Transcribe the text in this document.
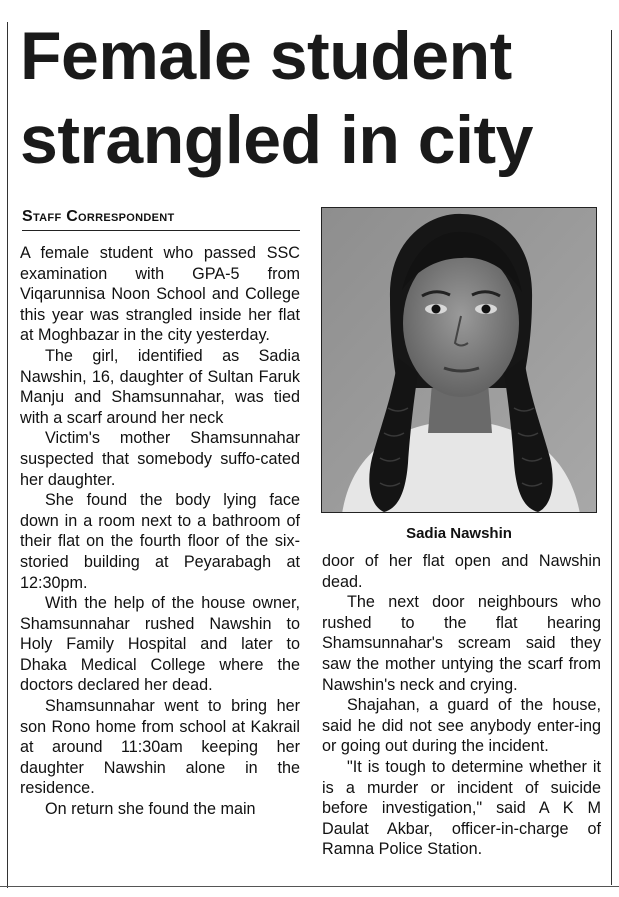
Female student
strangled in city
Staff Correspondent

A female student who passed SSC examination with GPA-5 from Viqarunnisa Noon School and College this year was strangled inside her flat at Moghbazar in the city yesterday.

The girl, identified as Sadia Nawshin, 16, daughter of Sultan Faruk Manju and Shamsunnahar, was tied with a scarf around her neck

Victim's mother Shamsunnahar suspected that somebody suffo-cated her daughter.

She found the body lying face down in a room next to a bathroom of their flat on the fourth floor of the six-storied building at Peyarabagh at 12:30pm.

With the help of the house owner, Shamsunnahar rushed Nawshin to Holy Family Hospital and later to Dhaka Medical College where the doctors declared her dead.

Shamsunnahar went to bring her son Rono home from school at Kakrail at around 11:30am keeping her daughter Nawshin alone in the residence.

On return she found the main

Sadia Nawshin

door of her flat open and Nawshin dead.

The next door neighbours who rushed to the flat hearing Shamsunnahar's scream said they saw the mother untying the scarf from Nawshin's neck and crying.

Shajahan, a guard of the house, said he did not see anybody enter-ing or going out during the incident.

"It is tough to determine whether it is a murder or incident of suicide before investigation," said A K M Daulat Akbar, officer-in-charge of Ramna Police Station.
